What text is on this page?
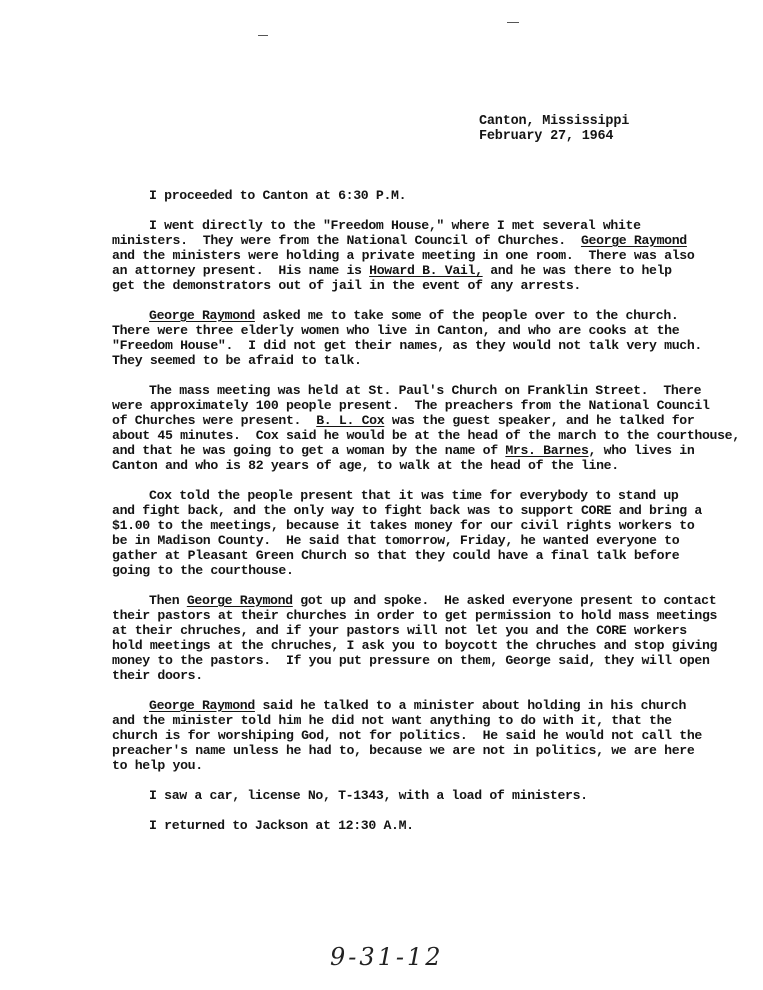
Canton, Mississippi
February 27, 1964
I proceeded to Canton at 6:30 P.M.
I went directly to the "Freedom House," where I met several white
ministers.  They were from the National Council of Churches.  George Raymond
and the ministers were holding a private meeting in one room.  There was also
an attorney present.  His name is Howard B. Vail, and he was there to help
get the demonstrators out of jail in the event of any arrests.
George Raymond asked me to take some of the people over to the church.
There were three elderly women who live in Canton, and who are cooks at the
"Freedom House".  I did not get their names, as they would not talk very much.
They seemed to be afraid to talk.
The mass meeting was held at St. Paul's Church on Franklin Street.  There
were approximately 100 people present.  The preachers from the National Council
of Churches were present.  B. L. Cox was the guest speaker, and he talked for
about 45 minutes.  Cox said he would be at the head of the march to the courthouse,
and that he was going to get a woman by the name of Mrs. Barnes, who lives in
Canton and who is 82 years of age, to walk at the head of the line.
Cox told the people present that it was time for everybody to stand up
and fight back, and the only way to fight back was to support CORE and bring a
$1.00 to the meetings, because it takes money for our civil rights workers to
be in Madison County.  He said that tomorrow, Friday, he wanted everyone to
gather at Pleasant Green Church so that they could have a final talk before
going to the courthouse.
Then George Raymond got up and spoke.  He asked everyone present to contact
their pastors at their churches in order to get permission to hold mass meetings
at their chruches, and if your pastors will not let you and the CORE workers
hold meetings at the chruches, I ask you to boycott the chruches and stop giving
money to the pastors.  If you put pressure on them, George said, they will open
their doors.
George Raymond said he talked to a minister about holding in his church
and the minister told him he did not want anything to do with it, that the
church is for worshiping God, not for politics.  He said he would not call the
preacher's name unless he had to, because we are not in politics, we are here
to help you.
I saw a car, license No, T-1343, with a load of ministers.
I returned to Jackson at 12:30 A.M.
9-31-12
